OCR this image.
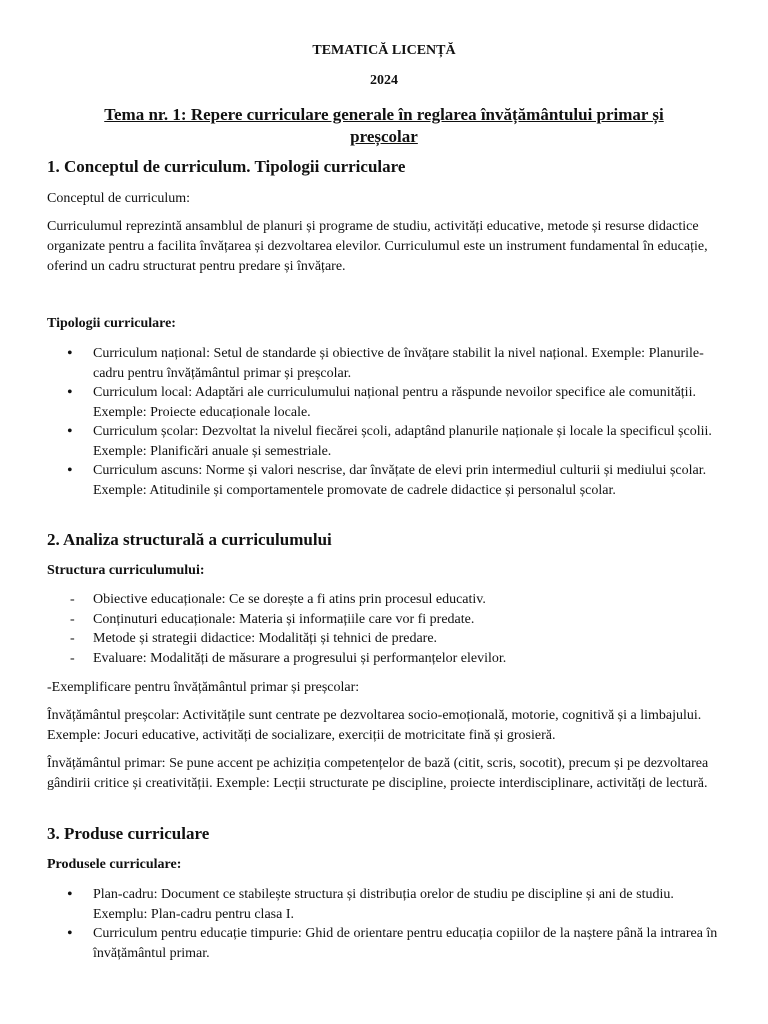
TEMATICĂ LICENȚĂ
2024
Tema nr. 1: Repere curriculare generale în reglarea învățământului primar și preșcolar
1. Conceptul de curriculum. Tipologii curriculare
Conceptul de curriculum:
Curriculumul reprezintă ansamblul de planuri și programe de studiu, activități educative, metode și resurse didactice organizate pentru a facilita învățarea și dezvoltarea elevilor. Curriculumul este un instrument fundamental în educație, oferind un cadru structurat pentru predare și învățare.
Tipologii curriculare:
• Curriculum național: Setul de standarde și obiective de învățare stabilit la nivel național. Exemple: Planurile-cadru pentru învățământul primar și preșcolar.
• Curriculum local: Adaptări ale curriculumului național pentru a răspunde nevoilor specifice ale comunității. Exemple: Proiecte educaționale locale.
• Curriculum școlar: Dezvoltat la nivelul fiecărei școli, adaptând planurile naționale și locale la specificul școlii. Exemple: Planificări anuale și semestriale.
• Curriculum ascuns: Norme și valori nescrise, dar învățate de elevi prin intermediul culturii și mediului școlar. Exemple: Atitudinile și comportamentele promovate de cadrele didactice și personalul școlar.
2. Analiza structurală a curriculumului
Structura curriculumului:
- Obiective educaționale: Ce se dorește a fi atins prin procesul educativ.
- Conținuturi educaționale: Materia și informațiile care vor fi predate.
- Metode și strategii didactice: Modalități și tehnici de predare.
- Evaluare: Modalități de măsurare a progresului și performanțelor elevilor.
-Exemplificare pentru învățământul primar și preșcolar:
Învățământul preșcolar: Activitățile sunt centrate pe dezvoltarea socio-emoțională, motorie, cognitivă și a limbajului. Exemple: Jocuri educative, activități de socializare, exerciții de motricitate fină și grosieră.
Învățământul primar: Se pune accent pe achiziția competențelor de bază (citit, scris, socotit), precum și pe dezvoltarea gândirii critice și creativității. Exemple: Lecții structurate pe discipline, proiecte interdisciplinare, activități de lectură.
3. Produse curriculare
Produsele curriculare:
• Plan-cadru: Document ce stabilește structura și distribuția orelor de studiu pe discipline și ani de studiu. Exemplu: Plan-cadru pentru clasa I.
• Curriculum pentru educație timpurie: Ghid de orientare pentru educația copiilor de la naștere până la intrarea în învățământul primar.
